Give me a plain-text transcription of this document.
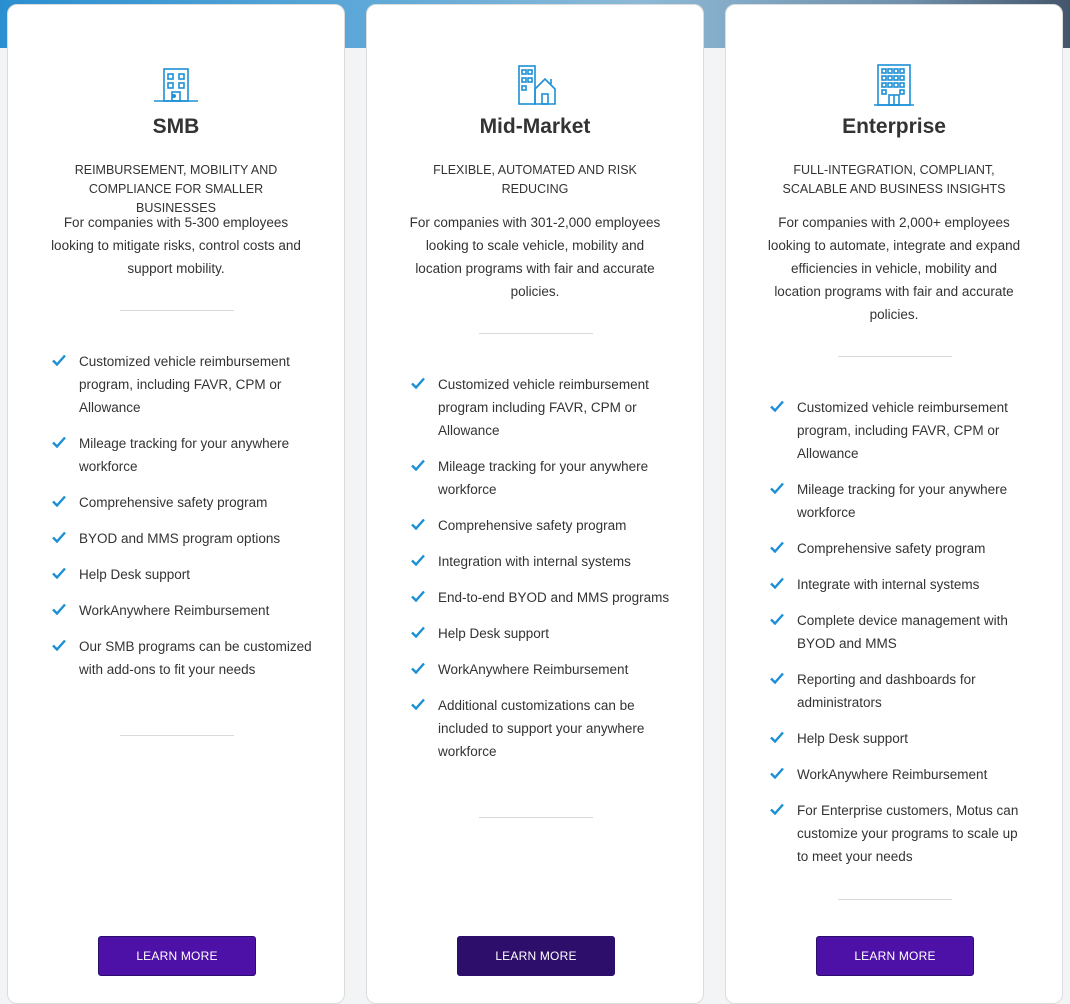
SMB
REIMBURSEMENT, MOBILITY AND COMPLIANCE FOR SMALLER BUSINESSES
For companies with 5-300 employees looking to mitigate risks, control costs and support mobility.
Customized vehicle reimbursement program, including FAVR, CPM or Allowance
Mileage tracking for your anywhere workforce
Comprehensive safety program
BYOD and MMS program options
Help Desk support
WorkAnywhere Reimbursement
Our SMB programs can be customized with add-ons to fit your needs
LEARN MORE
Mid-Market
FLEXIBLE, AUTOMATED AND RISK REDUCING
For companies with 301-2,000 employees looking to scale vehicle, mobility and location programs with fair and accurate policies.
Customized vehicle reimbursement program including FAVR, CPM or Allowance
Mileage tracking for your anywhere workforce
Comprehensive safety program
Integration with internal systems
End-to-end BYOD and MMS programs
Help Desk support
WorkAnywhere Reimbursement
Additional customizations can be included to support your anywhere workforce
LEARN MORE
Enterprise
FULL-INTEGRATION, COMPLIANT, SCALABLE AND BUSINESS INSIGHTS
For companies with 2,000+ employees looking to automate, integrate and expand efficiencies in vehicle, mobility and location programs with fair and accurate policies.
Customized vehicle reimbursement program, including FAVR, CPM or Allowance
Mileage tracking for your anywhere workforce
Comprehensive safety program
Integrate with internal systems
Complete device management with BYOD and MMS
Reporting and dashboards for administrators
Help Desk support
WorkAnywhere Reimbursement
For Enterprise customers, Motus can customize your programs to scale up to meet your needs
LEARN MORE
